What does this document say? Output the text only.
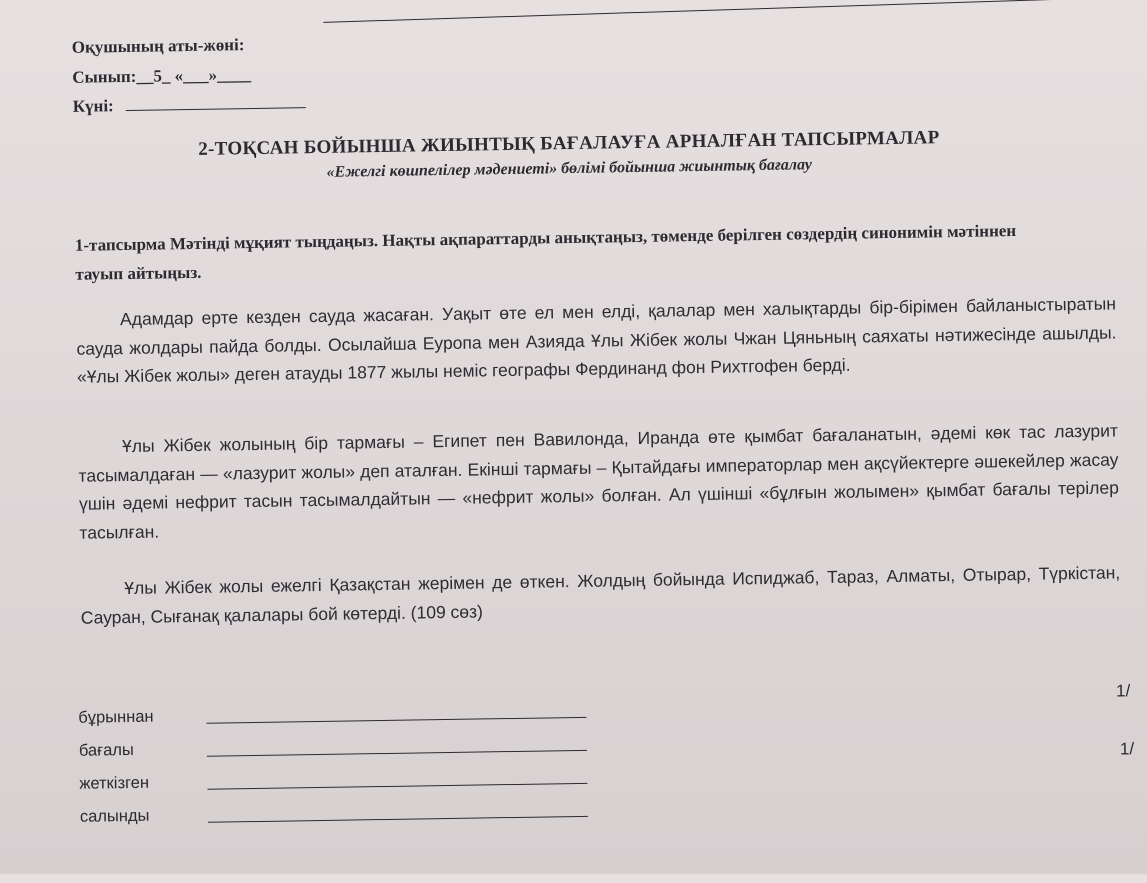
Оқушының аты-жөні:
Сынып:__5_ «___»____
Күні:
2-ТОҚСАН БОЙЫНША ЖИЫНТЫҚ БАҒАЛАУҒА АРНАЛҒАН ТАПСЫРМАЛАР
«Ежелгі көшпелілер мәдениеті» бөлімі бойынша жиынтық бағалау
1-тапсырма Мәтінді мұқият тыңдаңыз. Нақты ақпараттарды анықтаңыз, төменде берілген сөздердің синонимін мәтіннен тауып айтыңыз.
Адамдар ерте кезден сауда жасаған. Уақыт өте ел мен елді, қалалар мен халықтарды бір-бірімен байланыстыратын сауда жолдары пайда болды. Осылайша Еуропа мен Азияда Ұлы Жібек жолы Чжан Цяньның саяхаты нәтижесінде ашылды. «Ұлы Жібек жолы» деген атауды 1877 жылы неміс географы Фердинанд фон Рихтгофен берді.
Ұлы Жібек жолының бір тармағы – Египет пен Вавилонда, Иранда өте қымбат бағаланатын, әдемі көк тас лазурит тасымалдаған — «лазурит жолы» деп аталған. Екінші тармағы – Қытайдағы императорлар мен ақсүйектерге әшекейлер жасау үшін әдемі нефрит тасын тасымалдайтын — «нефрит жолы» болған. Ал үшінші «бұлғын жолымен» қымбат бағалы терілер тасылған.
Ұлы Жібек жолы ежелгі Қазақстан жерімен де өткен. Жолдың бойында Испиджаб, Тараз, Алматы, Отырар, Түркістан, Сауран, Сығанақ қалалары бой көтерді. (109 сөз)
бұрыннан
бағалы
жеткізген
салынды
1/
1/
